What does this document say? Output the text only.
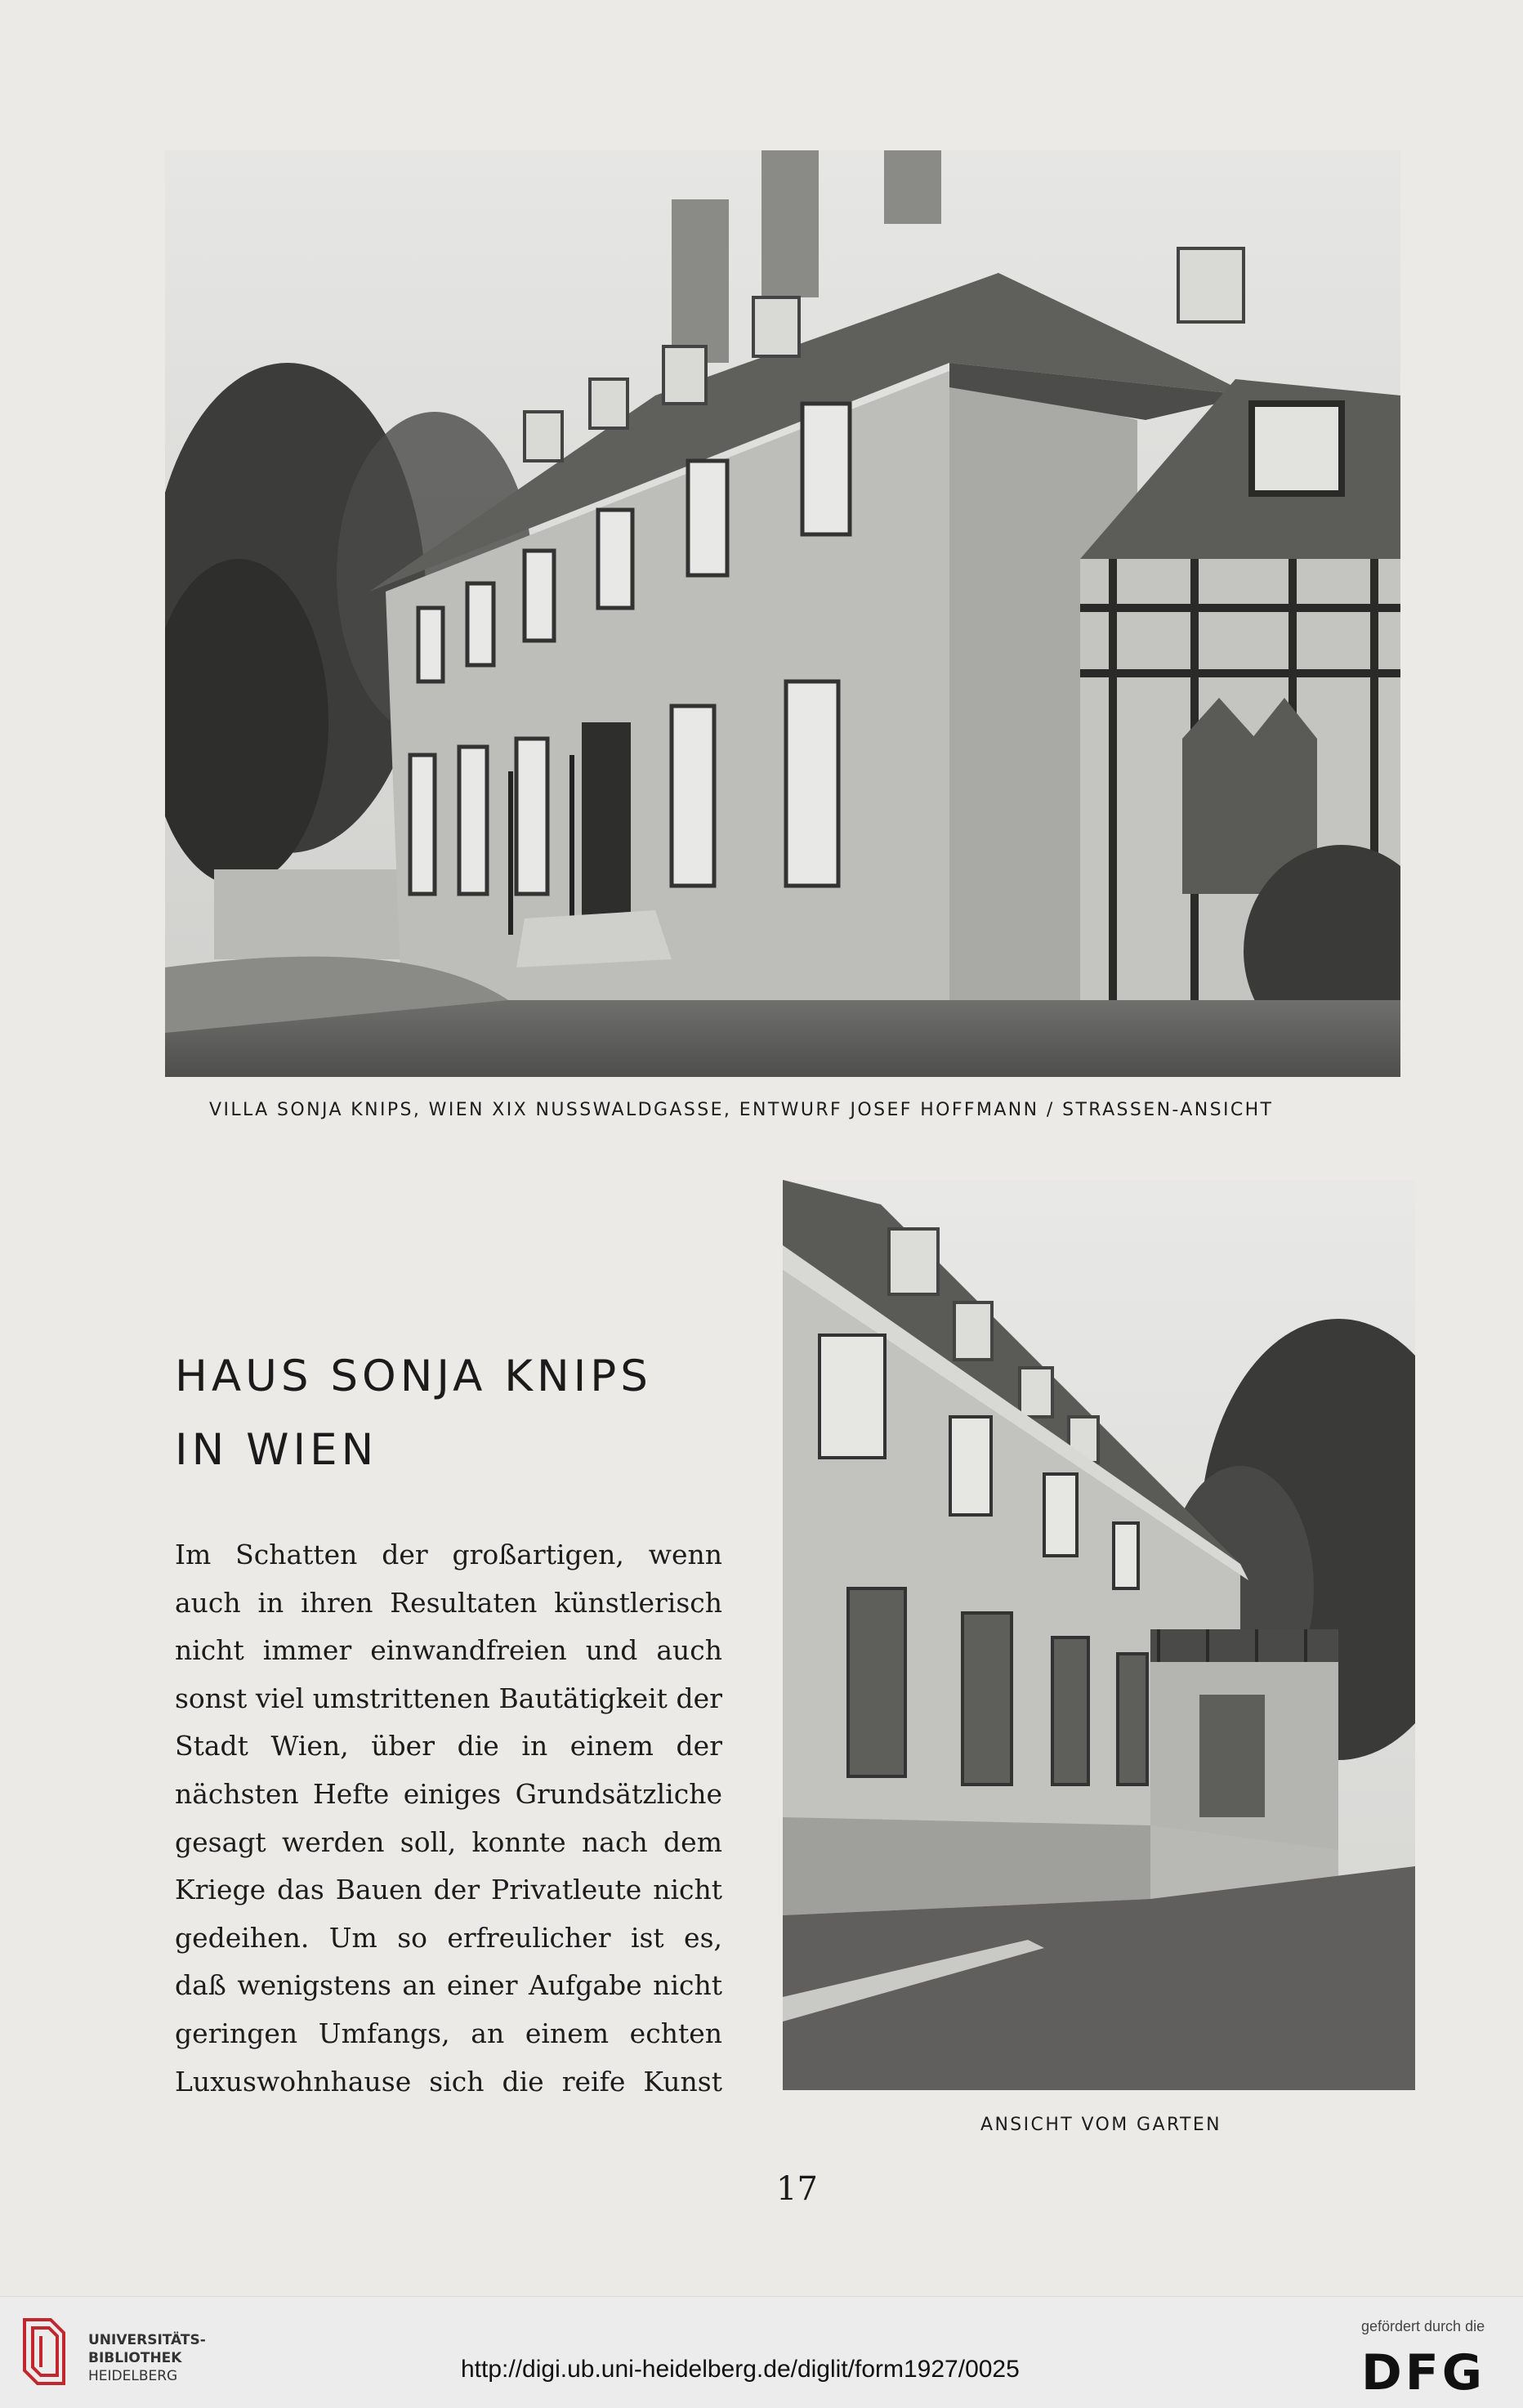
VILLA SONJA KNIPS, WIEN XIX NUSSWALDGASSE, ENTWURF JOSEF HOFFMANN / STRASSEN-ANSICHT
HAUS SONJA KNIPS
IN WIEN
Im Schatten der großartigen, wenn
auch in ihren Resultaten künstlerisch
nicht immer einwandfreien und auch
sonst viel umstrittenen Bautätigkeit der
Stadt Wien, über die in einem der
nächsten Hefte einiges Grundsätzliche
gesagt werden soll, konnte nach dem
Kriege das Bauen der Privatleute nicht
gedeihen. Um so erfreulicher ist es,
daß wenigstens an einer Aufgabe nicht
geringen Umfangs, an einem echten
Luxuswohnhause sich die reife Kunst
ANSICHT VOM GARTEN
17
UNIVERSITÄTS-
BIBLIOTHEK
HEIDELBERG	http://digi.ub.uni-heidelberg.de/diglit/form1927/0025
gefördert durch die
DFG
